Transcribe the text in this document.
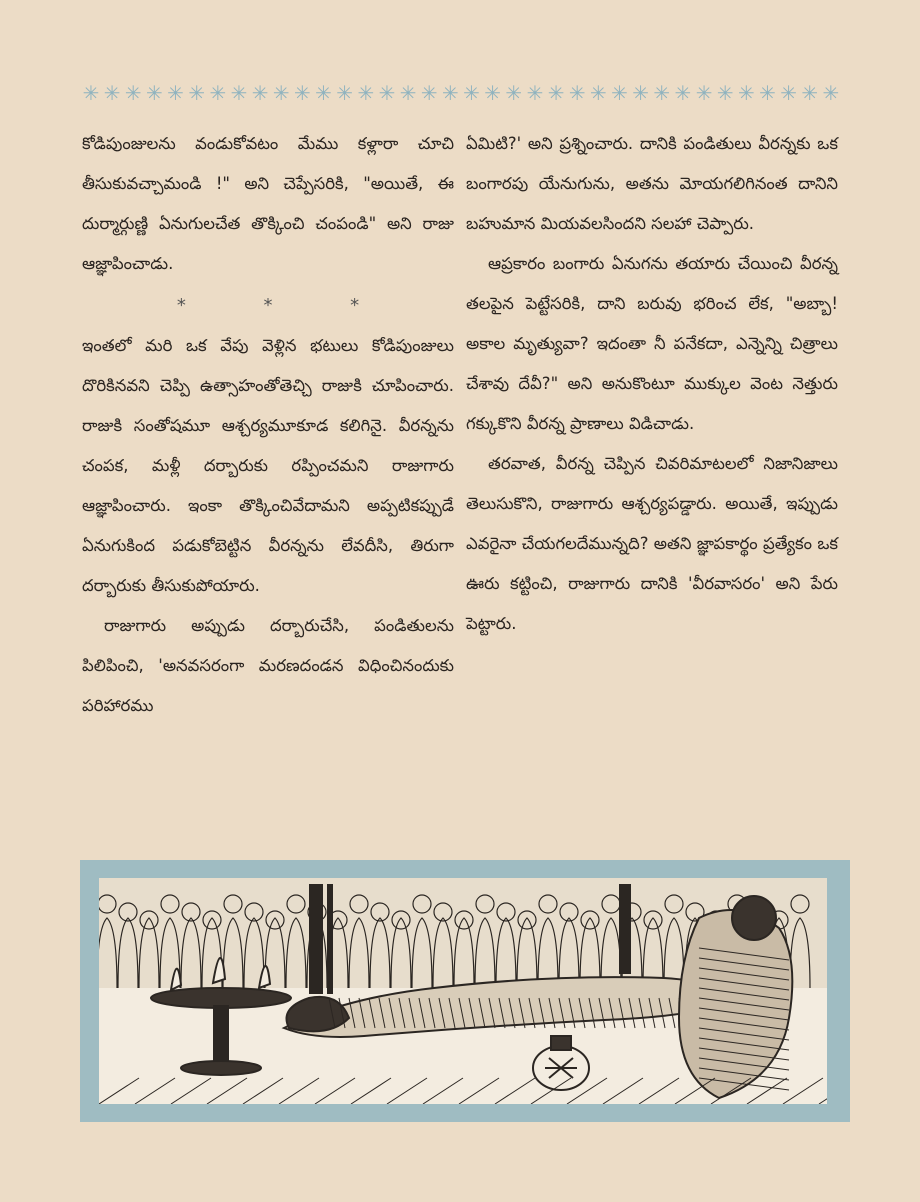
✳ ✳ ✳ ✳ ✳ ✳ ✳ ✳ ✳ ✳ ✳ ✳ ✳ ✳ ✳ ✳ ✳ ✳ ✳ ✳ ✳ ✳ ✳ ✳ ✳ ✳ ✳ ✳ ✳ ✳ ✳ ✳ ✳ ✳ ✳ ✳

కోడిపుంజులను వండుకోవటం మేము కళ్లారా చూచి తీసుకువచ్చామండి !" అని చెప్పేసరికి, "అయితే, ఈ దుర్మార్గుణ్ణి ఏనుగులచేత తొక్కించి చంపండి" అని రాజు ఆజ్ఞాపించాడు.

*	*	*

ఇంతలో మరి ఒక వేపు వెళ్లిన భటులు కోడిపుంజులు దొరికినవని చెప్పి ఉత్సాహంతోతెచ్చి రాజుకి చూపించారు. రాజుకి సంతోషమూ ఆశ్చర్యమూకూడ కలిగినై. వీరన్నను చంపక, మళ్లీ దర్బారుకు రప్పించమని రాజుగారు ఆజ్ఞాపించారు. ఇంకా తొక్కించివేదామని అప్పటికప్పుడే ఏనుగుకింద పడుకోబెట్టిన వీరన్నను లేవదీసి, తిరుగా దర్బారుకు తీసుకుపోయారు.

రాజుగారు అప్పుడు దర్బారుచేసి, పండితులను పిలిపించి, 'అనవసరంగా మరణదండన విధించినందుకు పరిహారము

ఏమిటి?' అని ప్రశ్నించారు. దానికి పండితులు వీరన్నకు ఒక బంగారపు యేనుగును, అతను మోయగలిగినంత దానిని బహుమాన మియవలసిందని సలహా చెప్పారు.

ఆప్రకారం బంగారు ఏనుగను తయారు చేయించి వీరన్న తలపైన పెట్టేసరికి, దాని బరువు భరించ లేక, "అబ్బా! అకాల మృత్యువా? ఇదంతా నీ పనేకదా, ఎన్నెన్ని చిత్రాలు చేశావు దేవీ?" అని అనుకొంటూ ముక్కుల వెంట నెత్తురు గక్కుకొని వీరన్న ప్రాణాలు విడిచాడు.

తరవాత, వీరన్న చెప్పిన చివరిమాటలలో నిజానిజాలు తెలుసుకొని, రాజుగారు ఆశ్చర్యపడ్డారు. అయితే, ఇప్పుడు ఎవరైనా చేయగలదేమున్నది? అతని జ్ఞాపకార్థం ప్రత్యేకం ఒక ఊరు కట్టించి, రాజుగారు దానికి 'వీరవాసరం' అని పేరు పెట్టారు.
